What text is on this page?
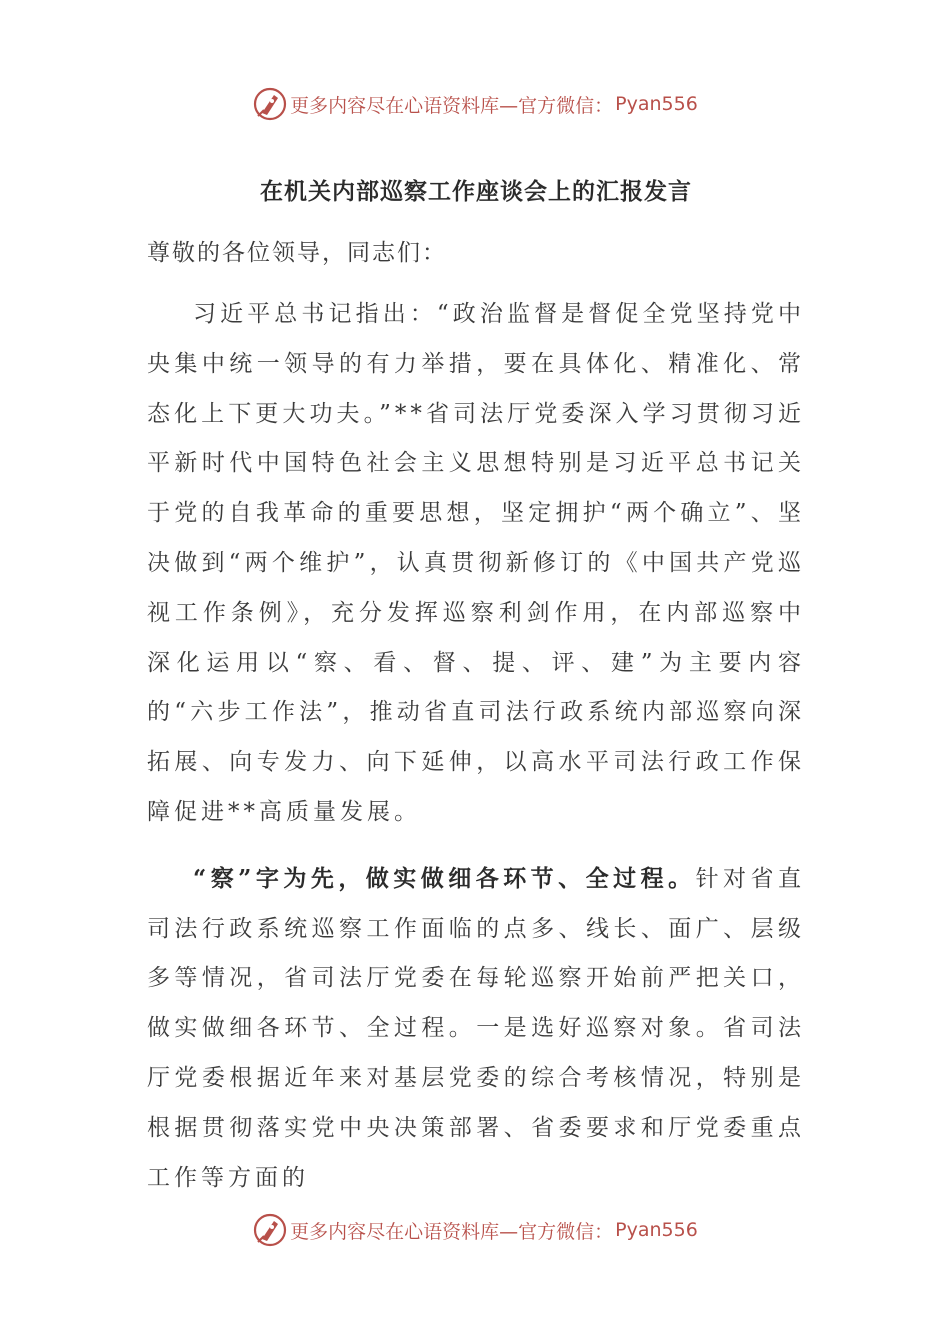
更多内容尽在心语资料库—官方微信： Pyan556
在机关内部巡察工作座谈会上的汇报发言

尊敬的各位领导，同志们：

习近平总书记指出：“政治监督是督促全党坚持党中央集中统一领导的有力举措，要在具体化、精准化、常态化上下更大功夫。”**省司法厅党委深入学习贯彻习近平新时代中国特色社会主义思想特别是习近平总书记关于党的自我革命的重要思想，坚定拥护“两个确立”、坚决做到“两个维护”，认真贯彻新修订的《中国共产党巡视工作条例》，充分发挥巡察利剑作用，在内部巡察中深化运用以“察、看、督、提、评、建”为主要内容的“六步工作法”，推动省直司法行政系统内部巡察向深拓展、向专发力、向下延伸，以高水平司法行政工作保障促进**高质量发展。

“察”字为先，做实做细各环节、全过程。针对省直司法行政系统巡察工作面临的点多、线长、面广、层级多等情况，省司法厅党委在每轮巡察开始前严把关口，做实做细各环节、全过程。一是选好巡察对象。省司法厅党委根据近年来对基层党委的综合考核情况，特别是根据贯彻落实党中央决策部署、省委要求和厅党委重点工作等方面的

更多内容尽在心语资料库—官方微信： Pyan556
